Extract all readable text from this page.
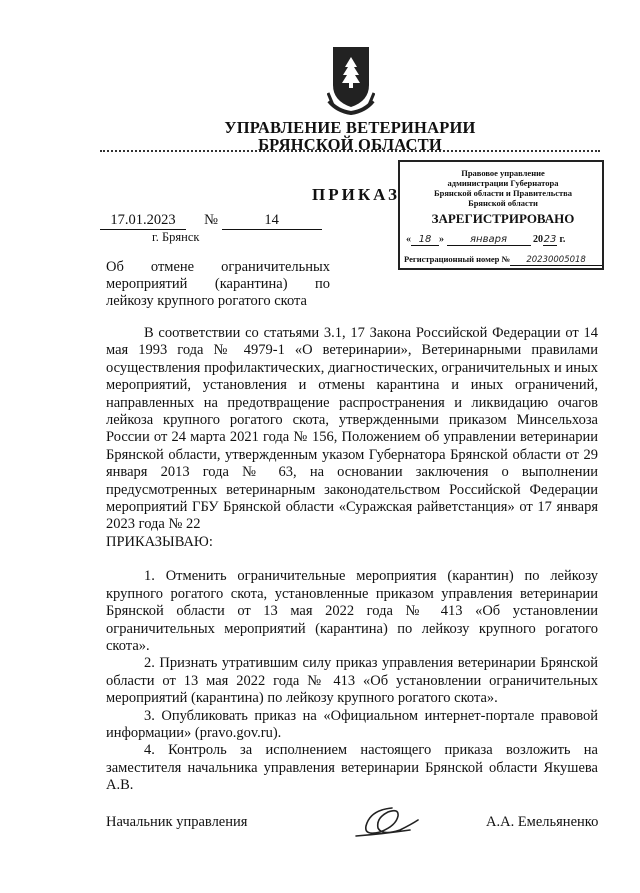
УПРАВЛЕНИЕ ВЕТЕРИНАРИИ
БРЯНСКОЙ ОБЛАСТИ
ПРИКАЗ
Правовое управление
администрации Губернатора
Брянской области и Правительства
Брянской области
ЗАРЕГИСТРИРОВАНО
« 18 » января	2023 г.
Регистрационный номер № 20230005018
17.01.2023 №	14
г. Брянск
Об отмене ограничительных
мероприятий (карантина) по
лейкозу крупного рогатого скота

В соответствии со статьями 3.1, 17 Закона Российской Федерации от 14 мая 1993 года № 4979-1 «О ветеринарии», Ветеринарными правилами осуществления профилактических, диагностических, ограничительных и иных мероприятий, установления и отмены карантина и иных ограничений, направленных на предотвращение распространения и ликвидацию очагов лейкоза крупного рогатого скота, утвержденными приказом Минсельхоза России от 24 марта 2021 года № 156, Положением об управлении ветеринарии Брянской области, утвержденным указом Губернатора Брянской области от 29 января 2013 года № 63, на основании заключения о выполнении предусмотренных ветеринарным законодательством Российской Федерации мероприятий ГБУ Брянской области «Суражская райветстанция» от 17 января 2023 года № 22

ПРИКАЗЫВАЮ:

1. Отменить ограничительные мероприятия (карантин) по лейкозу крупного рогатого скота, установленные приказом управления ветеринарии Брянской области от 13 мая 2022 года № 413 «Об установлении ограничительных мероприятий (карантина) по лейкозу крупного рогатого скота».

2. Признать утратившим силу приказ управления ветеринарии Брянской области от 13 мая 2022 года № 413 «Об установлении ограничительных мероприятий (карантина) по лейкозу крупного рогатого скота».

3. Опубликовать приказ на «Официальном интернет-портале правовой информации» (pravo.gov.ru).

4. Контроль за исполнением настоящего приказа возложить на заместителя начальника управления ветеринарии Брянской области Якушева А.В.

Начальник управления	А.А. Емельяненко
